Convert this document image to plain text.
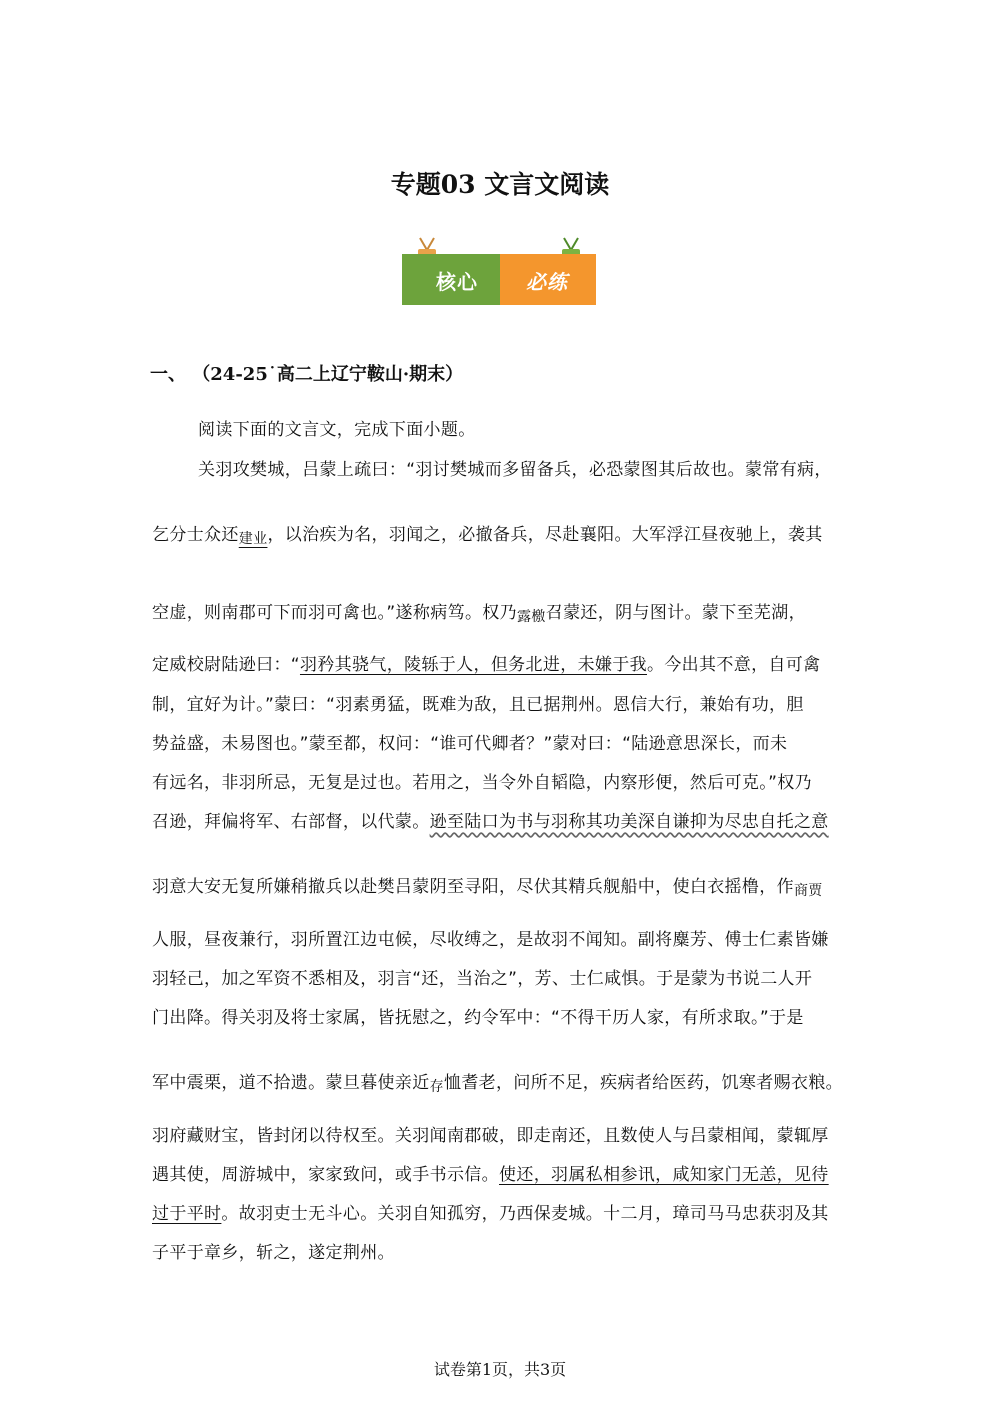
专题03 文言文阅读
核心	必练
一、 （24-25˙高二上辽宁鞍山·期末）
阅读下面的文言文，完成下面小题。
关羽攻樊城，吕蒙上疏曰：“羽讨樊城而多留备兵，必恐蒙图其后故也。蒙常有病，
乞分士众还建业，以治疾为名，羽闻之，必撤备兵，尽赴襄阳。大军浮江昼夜驰上，袭其
空虚，则南郡可下而羽可禽也。”遂称病笃。权乃露檄召蒙还，阴与图计。蒙下至芜湖，
定威校尉陆逊曰：“羽矜其骁气，陵轹于人，但务北进，未嫌于我。今出其不意，自可禽
制，宜好为计。”蒙曰：“羽素勇猛，既难为敌，且已据荆州。恩信大行，兼始有功，胆
势益盛，未易图也。”蒙至都，权问：“谁可代卿者？”蒙对曰：“陆逊意思深长，而未
有远名，非羽所忌，无复是过也。若用之，当令外自韬隐，内察形便，然后可克。”权乃
召逊，拜偏将军、右部督，以代蒙。逊至陆口为书与羽称其功美深自谦抑为尽忠自托之意
羽意大安无复所嫌稍撤兵以赴樊吕蒙阴至寻阳，尽伏其精兵舰船中，使白衣摇橹，作商贾
人服，昼夜兼行，羽所置江边屯候，尽收缚之，是故羽不闻知。副将麋芳、傅士仁素皆嫌
羽轻己，加之军资不悉相及，羽言“还，当治之”，芳、士仁咸惧。于是蒙为书说二人开
门出降。得关羽及将士家属，皆抚慰之，约令军中：“不得干历人家，有所求取。”于是
军中震栗，道不拾遗。蒙旦暮使亲近存恤耆老，问所不足，疾病者给医药，饥寒者赐衣粮。
羽府藏财宝，皆封闭以待权至。关羽闻南郡破，即走南还，且数使人与吕蒙相闻，蒙辄厚
遇其使，周游城中，家家致问，或手书示信。使还，羽属私相参讯，咸知家门无恙，见待
过于平时。故羽吏士无斗心。关羽自知孤穷，乃西保麦城。十二月，璋司马马忠获羽及其
子平于章乡，斩之，遂定荆州。
试卷第1页，共3页
